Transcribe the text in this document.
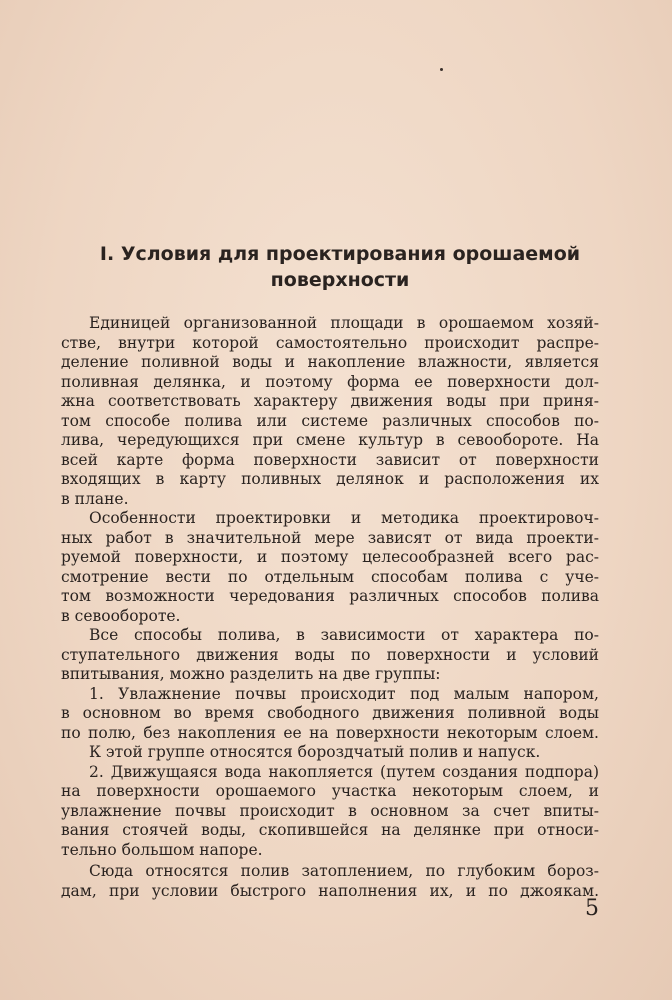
I. Условия для проектирования орошаемой
поверхности
Единицей организованной площади в орошаемом хозяй-
стве, внутри которой самостоятельно происходит распре-
деление поливной воды и накопление влажности, является
поливная делянка, и поэтому форма ее поверхности дол-
жна соответствовать характеру движения воды при приня-
том способе полива или системе различных способов по-
лива, чередующихся при смене культур в севообороте. На
всей карте форма поверхности зависит от поверхности
входящих в карту поливных делянок и расположения их
в плане.
Особенности проектировки и методика проектировоч-
ных работ в значительной мере зависят от вида проекти-
руемой поверхности, и поэтому целесообразней всего рас-
смотрение вести по отдельным способам полива с уче-
том возможности чередования различных способов полива
в севообороте.
Все способы полива, в зависимости от характера по-
ступательного движения воды по поверхности и условий
впитывания, можно разделить на две группы:
1. Увлажнение почвы происходит под малым напором,
в основном во время свободного движения поливной воды
по полю, без накопления ее на поверхности некоторым слоем.
К этой группе относятся бороздчатый полив и напуск.
2. Движущаяся вода накопляется (путем создания подпора)
на поверхности орошаемого участка некоторым слоем, и
увлажнение почвы происходит в основном за счет впиты-
вания стоячей воды, скопившейся на делянке при относи-
тельно большом напоре.
Сюда относятся полив затоплением, по глубоким бороз-
дам, при условии быстрого наполнения их, и по джоякам.
5
